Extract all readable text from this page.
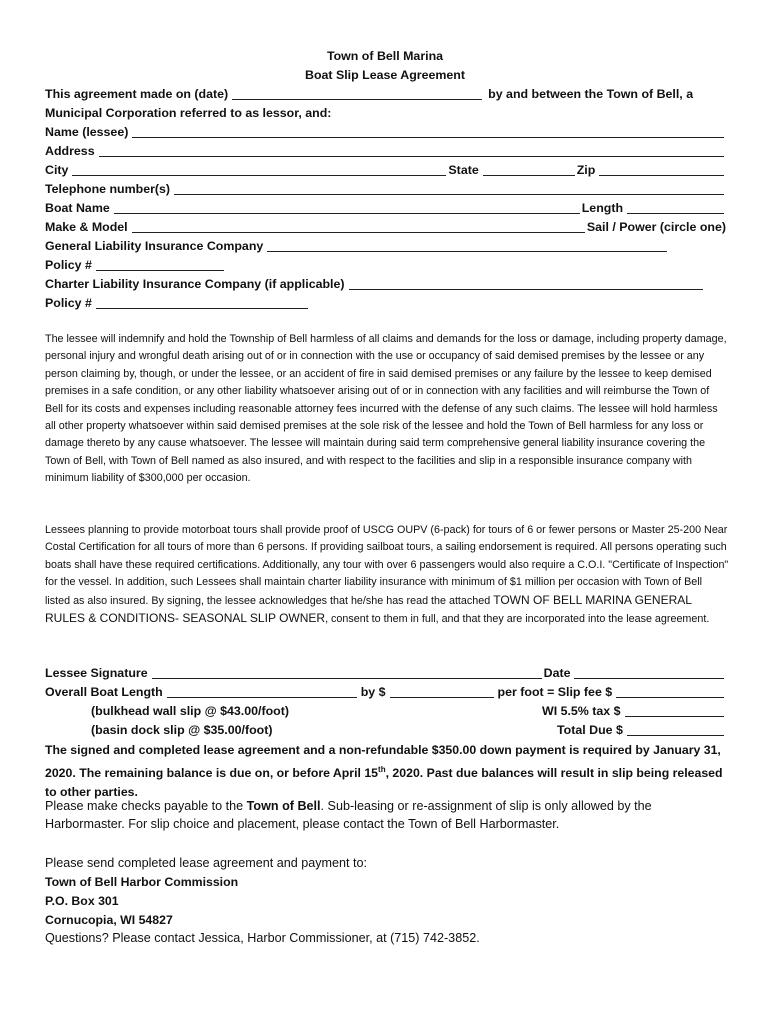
Town of Bell Marina
Boat Slip Lease Agreement
This agreement made on (date)	by and between the Town of Bell, a
Municipal Corporation referred to as lessor, and:
Name (lessee)
Address
City	State	Zip
Telephone number(s)
Boat Name	Length
Make & Model	Sail / Power (circle one)
General Liability Insurance Company
Policy #
Charter Liability Insurance Company (if applicable)
Policy #
The lessee will indemnify and hold the Township of Bell harmless of all claims and demands for the loss or damage, including property damage, personal injury and wrongful death arising out of or in connection with the use or occupancy of said demised premises by the lessee or any person claiming by, though, or under the lessee, or an accident of fire in said demised premises or any failure by the lessee to keep demised premises in a safe condition, or any other liability whatsoever arising out of or in connection with any facilities and will reimburse the Town of Bell for its costs and expenses including reasonable attorney fees incurred with the defense of any such claims. The lessee will hold harmless all other property whatsoever within said demised premises at the sole risk of the lessee and hold the Town of Bell harmless for any loss or damage thereto by any cause whatsoever. The lessee will maintain during said term comprehensive general liability insurance covering the Town of Bell, with Town of Bell named as also insured, and with respect to the facilities and slip in a responsible insurance company with minimum liability of $300,000 per occasion.
Lessees planning to provide motorboat tours shall provide proof of USCG OUPV (6-pack) for tours of 6 or fewer persons or Master 25-200 Near Costal Certification for all tours of more than 6 persons. If providing sailboat tours, a sailing endorsement is required. All persons operating such boats shall have these required certifications. Additionally, any tour with over 6 passengers would also require a C.O.I. "Certificate of Inspection" for the vessel. In addition, such Lessees shall maintain charter liability insurance with minimum of $1 million per occasion with Town of Bell listed as also insured. By signing, the lessee acknowledges that he/she has read the attached TOWN OF BELL MARINA GENERAL RULES & CONDITIONS- SEASONAL SLIP OWNER, consent to them in full, and that they are incorporated into the lease agreement.
Lessee Signature	Date
Overall Boat Length	by $	per foot = Slip fee $
(bulkhead wall slip @ $43.00/foot)	WI 5.5% tax $
(basin dock slip @ $35.00/foot)	Total Due $
The signed and completed lease agreement and a non-refundable $350.00 down payment is required by January 31, 2020. The remaining balance is due on, or before April 15th, 2020. Past due balances will result in slip being released to other parties.
Please make checks payable to the Town of Bell. Sub-leasing or re-assignment of slip is only allowed by the Harbormaster. For slip choice and placement, please contact the Town of Bell Harbormaster.
Please send completed lease agreement and payment to:
Town of Bell Harbor Commission
P.O. Box 301
Cornucopia, WI 54827
Questions? Please contact Jessica, Harbor Commissioner, at (715) 742-3852.
